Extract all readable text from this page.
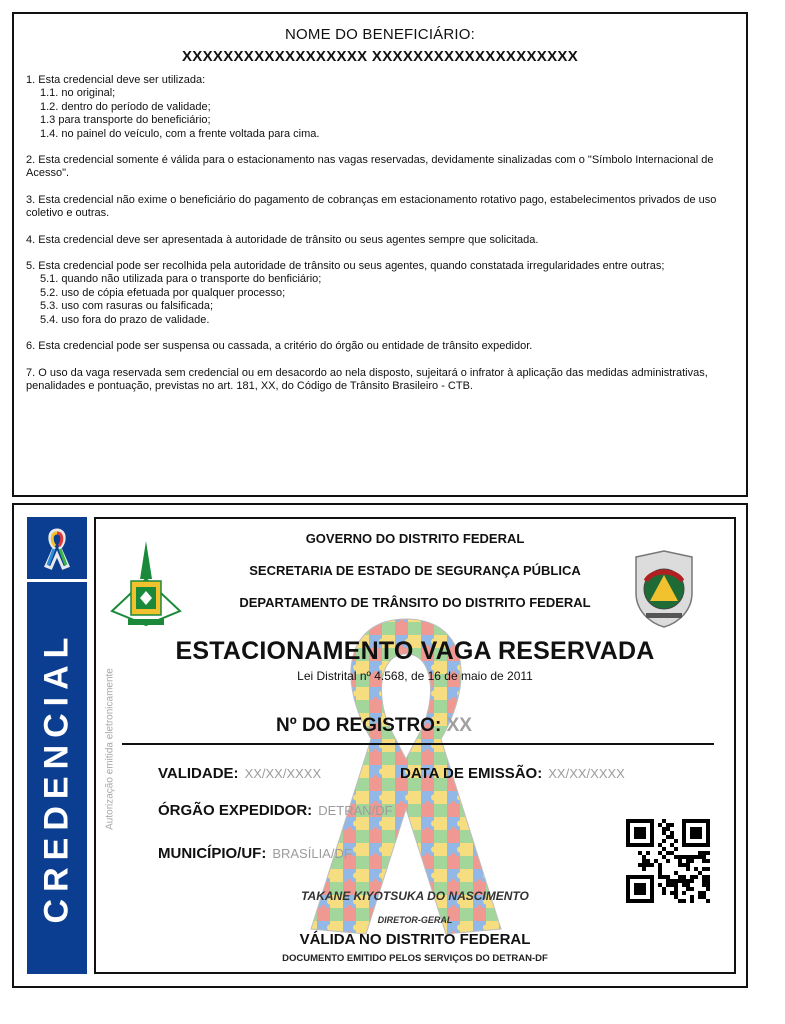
NOME DO BENEFICIÁRIO:
XXXXXXXXXXXXXXXXXX XXXXXXXXXXXXXXXXXXXX
1. Esta credencial deve ser utilizada:
1.1. no original;
1.2. dentro do período de validade;
1.3 para transporte do beneficiário;
1.4. no painel do veículo, com a frente voltada para cima.
2. Esta credencial somente é válida para o estacionamento nas vagas reservadas, devidamente sinalizadas com o "Símbolo Internacional de Acesso".
3. Esta credencial não exime o beneficiário do pagamento de cobranças em estacionamento rotativo pago, estabelecimentos privados de uso coletivo e outras.
4. Esta credencial deve ser apresentada à autoridade de trânsito ou seus agentes sempre que solicitada.
5. Esta credencial pode ser recolhida pela autoridade de trânsito ou seus agentes, quando constatada irregularidades entre outras;
5.1. quando não utilizada para o transporte do benficiário;
5.2. uso de cópia efetuada por qualquer processo;
5.3. uso com rasuras ou falsificada;
5.4. uso fora do prazo de validade.
6. Esta credencial pode ser suspensa ou cassada, a critério do órgão ou entidade de trânsito expedidor.
7. O uso da vaga reservada sem credencial ou em desacordo ao nela disposto, sujeitará o infrator à aplicação das medidas administrativas, penalidades e pontuação, previstas no art. 181, XX, do Código de Trânsito Brasileiro - CTB.
CREDENCIAL	Autorização emitida eletronicamente
GOVERNO DO DISTRITO FEDERAL
SECRETARIA DE ESTADO DE SEGURANÇA PÚBLICA
DEPARTAMENTO DE TRÂNSITO DO DISTRITO FEDERAL
ESTACIONAMENTO VAGA RESERVADA
Lei Distrital nº 4.568, de 16 de maio de 2011
Nº DO REGISTRO: XX
VALIDADE: XX/XX/XXXX	DATA DE EMISSÃO: XX/XX/XXXX
ÓRGÃO EXPEDIDOR: DETRAN/DF
MUNICÍPIO/UF: BRASÍLIA/DF
TAKANE KIYOTSUKA DO NASCIMENTO
DIRETOR-GERAL
VÁLIDA NO DISTRITO FEDERAL
DOCUMENTO EMITIDO PELOS SERVIÇOS DO DETRAN-DF
